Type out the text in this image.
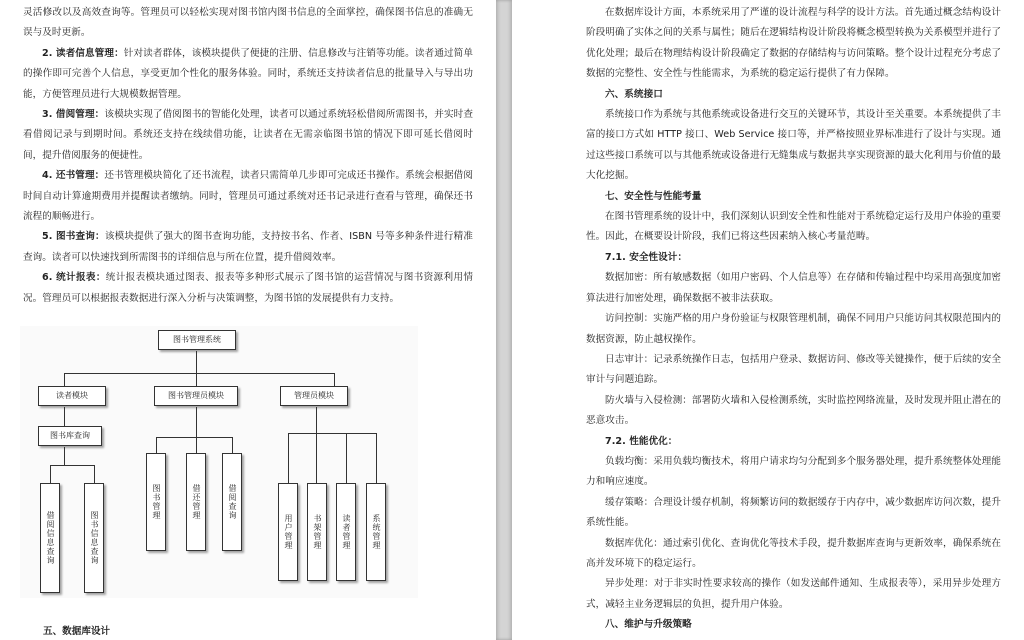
灵活修改以及高效查询等。管理员可以轻松实现对图书馆内图书信息的全面掌控，确保图书信息的准确无误与及时更新。

2. 读者信息管理：针对读者群体，该模块提供了便捷的注册、信息修改与注销等功能。读者通过简单的操作即可完善个人信息，享受更加个性化的服务体验。同时，系统还支持读者信息的批量导入与导出功能，方便管理员进行大规模数据管理。

3. 借阅管理：该模块实现了借阅图书的智能化处理，读者可以通过系统轻松借阅所需图书，并实时查看借阅记录与到期时间。系统还支持在线续借功能，让读者在无需亲临图书馆的情况下即可延长借阅时间，提升借阅服务的便捷性。

4. 还书管理：还书管理模块简化了还书流程，读者只需简单几步即可完成还书操作。系统会根据借阅时间自动计算逾期费用并提醒读者缴纳。同时，管理员可通过系统对还书记录进行查看与管理，确保还书流程的顺畅进行。

5. 图书查询：该模块提供了强大的图书查询功能，支持按书名、作者、ISBN 号等多种条件进行精准查询。读者可以快速找到所需图书的详细信息与所在位置，提升借阅效率。

6. 统计报表：统计报表模块通过图表、报表等多种形式展示了图书馆的运营情况与图书资源利用情况。管理员可以根据报表数据进行深入分析与决策调整，为图书馆的发展提供有力支持。

图书管理系统
读者模块	图书管理员模块	管理员模块
图书库查询
借阅信息查询	图书信息查询
图书管理	借还管理	借阅查询
用户管理	书架管理	读者管理	系统管理
五、数据库设计

在数据库设计方面，本系统采用了严谨的设计流程与科学的设计方法。首先通过概念结构设计阶段明确了实体之间的关系与属性；随后在逻辑结构设计阶段将概念模型转换为关系模型并进行了优化处理；最后在物理结构设计阶段确定了数据的存储结构与访问策略。整个设计过程充分考虑了数据的完整性、安全性与性能需求，为系统的稳定运行提供了有力保障。

六、系统接口

系统接口作为系统与其他系统或设备进行交互的关键环节，其设计至关重要。本系统提供了丰富的接口方式如 HTTP 接口、Web Service 接口等，并严格按照业界标准进行了设计与实现。通过这些接口系统可以与其他系统或设备进行无缝集成与数据共享实现资源的最大化利用与价值的最大化挖掘。

七、安全性与性能考量

在图书管理系统的设计中，我们深刻认识到安全性和性能对于系统稳定运行及用户体验的重要性。因此，在概要设计阶段，我们已将这些因素纳入核心考量范畴。

7.1. 安全性设计：

数据加密：所有敏感数据（如用户密码、个人信息等）在存储和传输过程中均采用高强度加密算法进行加密处理，确保数据不被非法获取。

访问控制：实施严格的用户身份验证与权限管理机制，确保不同用户只能访问其权限范围内的数据资源，防止越权操作。

日志审计：记录系统操作日志，包括用户登录、数据访问、修改等关键操作，便于后续的安全审计与问题追踪。

防火墙与入侵检测：部署防火墙和入侵检测系统，实时监控网络流量，及时发现并阻止潜在的恶意攻击。

7.2. 性能优化：

负载均衡：采用负载均衡技术，将用户请求均匀分配到多个服务器处理，提升系统整体处理能力和响应速度。

缓存策略：合理设计缓存机制，将频繁访问的数据缓存于内存中，减少数据库访问次数，提升系统性能。

数据库优化：通过索引优化、查询优化等技术手段，提升数据库查询与更新效率，确保系统在高并发环境下的稳定运行。

异步处理：对于非实时性要求较高的操作（如发送邮件通知、生成报表等），采用异步处理方式，减轻主业务逻辑层的负担，提升用户体验。

八、维护与升级策略
